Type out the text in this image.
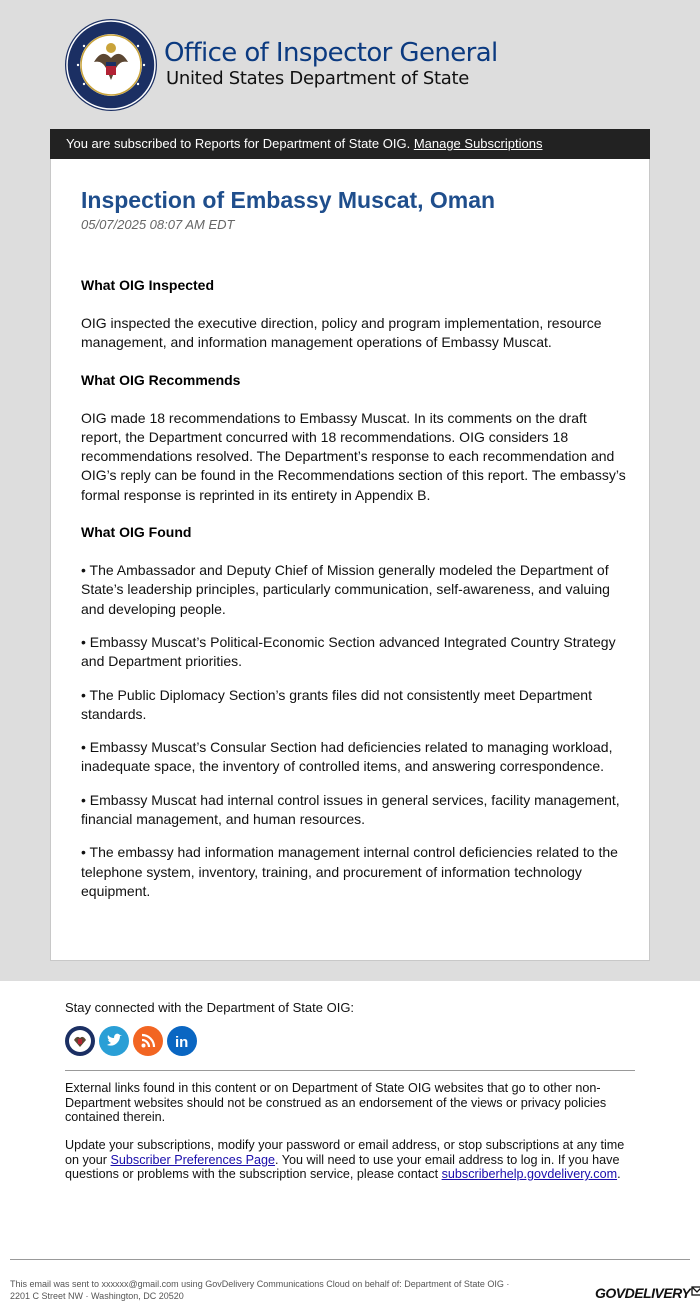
Office of Inspector General
United States Department of State
You are subscribed to Reports for Department of State OIG. Manage Subscriptions
Inspection of Embassy Muscat, Oman
05/07/2025 08:07 AM EDT

What OIG Inspected

OIG inspected the executive direction, policy and program implementation, resource management, and information management operations of Embassy Muscat.

What OIG Recommends

OIG made 18 recommendations to Embassy Muscat. In its comments on the draft report, the Department concurred with 18 recommendations. OIG considers 18 recommendations resolved. The Department’s response to each recommendation and OIG’s reply can be found in the Recommendations section of this report. The embassy’s formal response is reprinted in its entirety in Appendix B.

What OIG Found

• The Ambassador and Deputy Chief of Mission generally modeled the Department of State’s leadership principles, particularly communication, self-awareness, and valuing and developing people.

• Embassy Muscat’s Political-Economic Section advanced Integrated Country Strategy and Department priorities.

• The Public Diplomacy Section’s grants files did not consistently meet Department standards.

• Embassy Muscat’s Consular Section had deficiencies related to managing workload, inadequate space, the inventory of controlled items, and answering correspondence.

• Embassy Muscat had internal control issues in general services, facility management, financial management, and human resources.

• The embassy had information management internal control deficiencies related to the telephone system, inventory, training, and procurement of information technology equipment.

Stay connected with the Department of State OIG:
in
External links found in this content or on Department of State OIG websites that go to other non-Department websites should not be construed as an endorsement of the views or privacy policies contained therein.
Update your subscriptions, modify your password or email address, or stop subscriptions at any time on your Subscriber Preferences Page. You will need to use your email address to log in. If you have questions or problems with the subscription service, please contact subscriberhelp.govdelivery.com.
This email was sent to xxxxxx@gmail.com using GovDelivery Communications Cloud on behalf of: Department of State OIG ·
2201 C Street NW · Washington, DC 20520	GOVDELIVERY
